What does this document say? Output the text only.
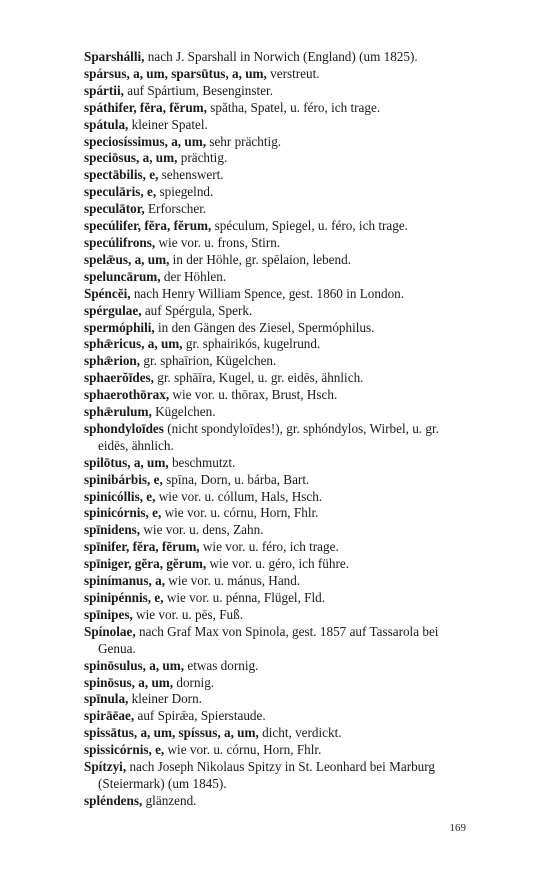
Sparshálli, nach J. Sparshall in Norwich (England) (um 1825).

spársus, a, um, sparsūtus, a, um, verstreut.

spártii, auf Spártium, Besenginster.

spáthifer, fĕra, fĕrum, spătha, Spatel, u. féro, ich trage.

spátula, kleiner Spatel.

speciosíssimus, a, um, sehr prächtig.

speciōsus, a, um, prächtig.

spectābilis, e, sehenswert.

speculāris, e, spiegelnd.

speculātor, Erforscher.

specúlifer, fĕra, fĕrum, spéculum, Spiegel, u. féro, ich trage.

specúlifrons, wie vor. u. frons, Stirn.

spelǣus, a, um, in der Höhle, gr. spēlaion, lebend.

speluncārum, der Höhlen.

Spéncĕi, nach Henry William Spence, gest. 1860 in London.

spérgulae, auf Spérgula, Sperk.

spermóphili, in den Gängen des Ziesel, Spermóphilus.

sphǣricus, a, um, gr. sphairikós, kugelrund.

sphǣrion, gr. sphaīrion, Kügelchen.

sphaerŏīdes, gr. sphāīra, Kugel, u. gr. eidēs, ähnlich.

sphaerothōrax, wie vor. u. thōrax, Brust, Hsch.

sphǣrulum, Kügelchen.

sphondyloīdes (nicht spondyloīdes!), gr. sphóndylos, Wirbel, u. gr. eidēs, ähnlich.

spilōtus, a, um, beschmutzt.

spinibárbis, e, spīna, Dorn, u. bárba, Bart.

spinicóllis, e, wie vor. u. cóllum, Hals, Hsch.

spinicórnis, e, wie vor. u. córnu, Horn, Fhlr.

spīnidens, wie vor. u. dens, Zahn.

spīnifer, fĕra, fĕrum, wie vor. u. féro, ich trage.

spīniger, gĕra, gĕrum, wie vor. u. géro, ich führe.

spinímanus, a, wie vor. u. mánus, Hand.

spinipénnis, e, wie vor. u. pénna, Flügel, Fld.

spīnipes, wie vor. u. pēs, Fuß.

Spínolae, nach Graf Max von Spinola, gest. 1857 auf Tassarola bei Genua.

spinōsulus, a, um, etwas dornig.

spinōsus, a, um, dornig.

spīnula, kleiner Dorn.

spirāēae, auf Spirǣa, Spierstaude.

spissātus, a, um, spíssus, a, um, dicht, verdickt.

spissicórnis, e, wie vor. u. córnu, Horn, Fhlr.

Spítzyi, nach Joseph Nikolaus Spitzy in St. Leonhard bei Marburg (Steiermark) (um 1845).

spléndens, glänzend.

169
